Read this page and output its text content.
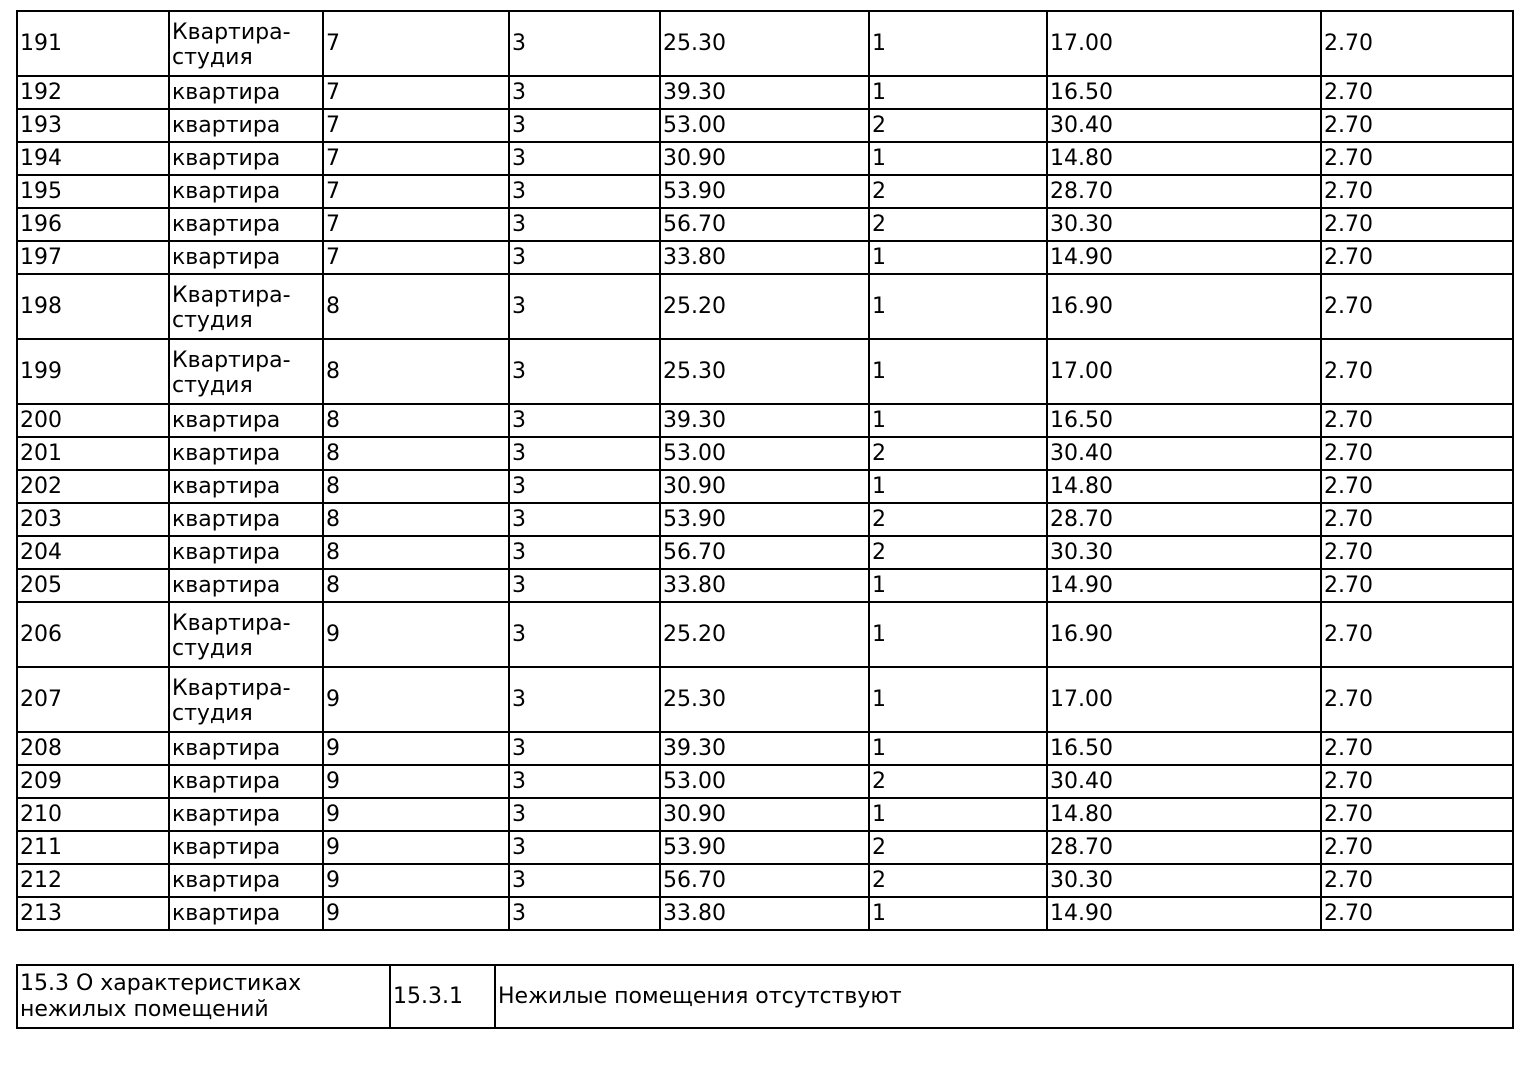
191	Квартира-студия	7	3	25.30	1	17.00	2.70
192	квартира	7	3	39.30	1	16.50	2.70
193	квартира	7	3	53.00	2	30.40	2.70
194	квартира	7	3	30.90	1	14.80	2.70
195	квартира	7	3	53.90	2	28.70	2.70
196	квартира	7	3	56.70	2	30.30	2.70
197	квартира	7	3	33.80	1	14.90	2.70
198	Квартира-студия	8	3	25.20	1	16.90	2.70
199	Квартира-студия	8	3	25.30	1	17.00	2.70
200	квартира	8	3	39.30	1	16.50	2.70
201	квартира	8	3	53.00	2	30.40	2.70
202	квартира	8	3	30.90	1	14.80	2.70
203	квартира	8	3	53.90	2	28.70	2.70
204	квартира	8	3	56.70	2	30.30	2.70
205	квартира	8	3	33.80	1	14.90	2.70
206	Квартира-студия	9	3	25.20	1	16.90	2.70
207	Квартира-студия	9	3	25.30	1	17.00	2.70
208	квартира	9	3	39.30	1	16.50	2.70
209	квартира	9	3	53.00	2	30.40	2.70
210	квартира	9	3	30.90	1	14.80	2.70
211	квартира	9	3	53.90	2	28.70	2.70
212	квартира	9	3	56.70	2	30.30	2.70
213	квартира	9	3	33.80	1	14.90	2.70
15.3 О характеристиках нежилых помещений	15.3.1	Нежилые помещения отсутствуют
